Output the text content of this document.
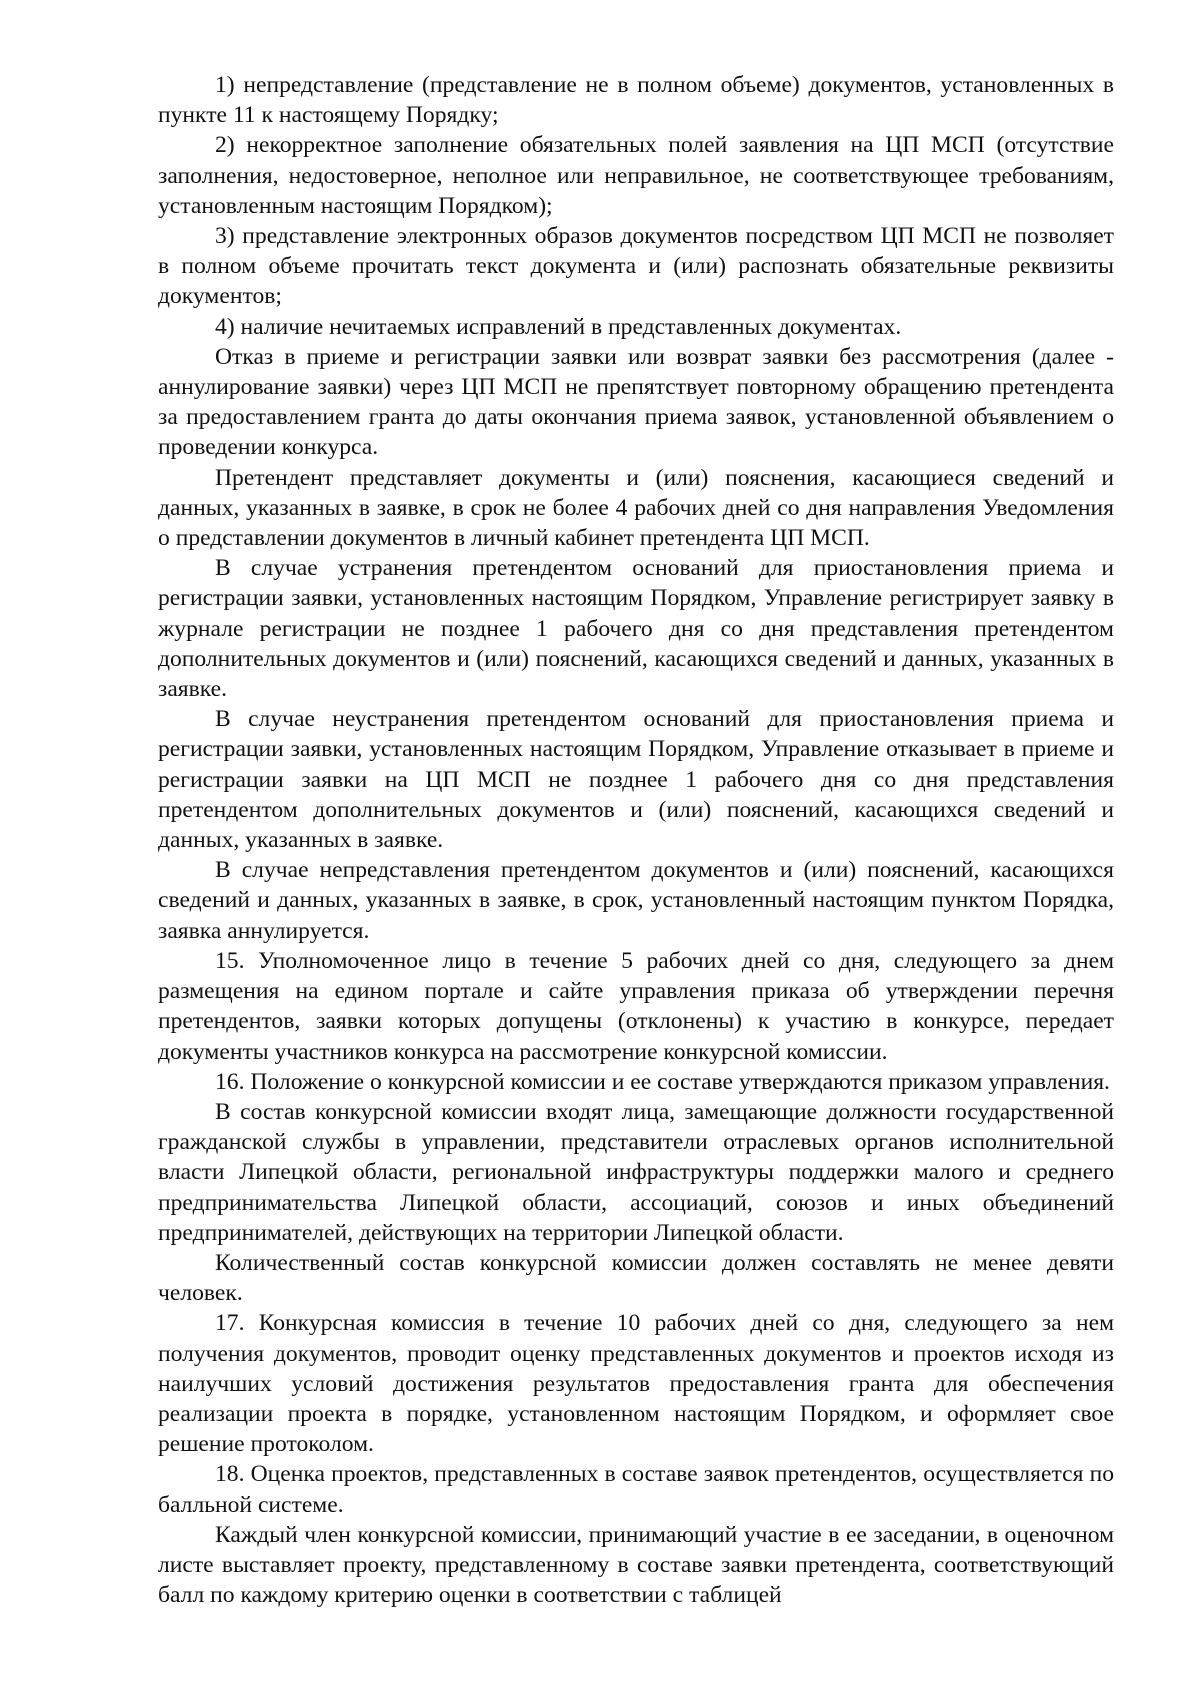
1) непредставление (представление не в полном объеме) документов, установленных в пункте 11 к настоящему Порядку;

2) некорректное заполнение обязательных полей заявления на ЦП МСП (отсутствие заполнения, недостоверное, неполное или неправильное, не соответствующее требованиям, установленным настоящим Порядком);

3) представление электронных образов документов посредством ЦП МСП не позволяет в полном объеме прочитать текст документа и (или) распознать обязательные реквизиты документов;

4) наличие нечитаемых исправлений в представленных документах.

Отказ в приеме и регистрации заявки или возврат заявки без рассмотрения (далее - аннулирование заявки) через ЦП МСП не препятствует повторному обращению претендента за предоставлением гранта до даты окончания приема заявок, установленной объявлением о проведении конкурса.

Претендент представляет документы и (или) пояснения, касающиеся сведений и данных, указанных в заявке, в срок не более 4 рабочих дней со дня направления Уведомления о представлении документов в личный кабинет претендента ЦП МСП.

В случае устранения претендентом оснований для приостановления приема и регистрации заявки, установленных настоящим Порядком, Управление регистрирует заявку в журнале регистрации не позднее 1 рабочего дня со дня представления претендентом дополнительных документов и (или) пояснений, касающихся сведений и данных, указанных в заявке.

В случае неустранения претендентом оснований для приостановления приема и регистрации заявки, установленных настоящим Порядком, Управление отказывает в приеме и регистрации заявки на ЦП МСП не позднее 1 рабочего дня со дня представления претендентом дополнительных документов и (или) пояснений, касающихся сведений и данных, указанных в заявке.

В случае непредставления претендентом документов и (или) пояснений, касающихся сведений и данных, указанных в заявке, в срок, установленный настоящим пунктом Порядка, заявка аннулируется.

15. Уполномоченное лицо в течение 5 рабочих дней со дня, следующего за днем размещения на едином портале и сайте управления приказа об утверждении перечня претендентов, заявки которых допущены (отклонены) к участию в конкурсе, передает документы участников конкурса на рассмотрение конкурсной комиссии.

16. Положение о конкурсной комиссии и ее составе утверждаются приказом управления.

В состав конкурсной комиссии входят лица, замещающие должности государственной гражданской службы в управлении, представители отраслевых органов исполнительной власти Липецкой области, региональной инфраструктуры поддержки малого и среднего предпринимательства Липецкой области, ассоциаций, союзов и иных объединений предпринимателей, действующих на территории Липецкой области.

Количественный состав конкурсной комиссии должен составлять не менее девяти человек.

17. Конкурсная комиссия в течение 10 рабочих дней со дня, следующего за нем получения документов, проводит оценку представленных документов и проектов исходя из наилучших условий достижения результатов предоставления гранта для обеспечения реализации проекта в порядке, установленном настоящим Порядком, и оформляет свое решение протоколом.

18. Оценка проектов, представленных в составе заявок претендентов, осуществляется по балльной системе.

Каждый член конкурсной комиссии, принимающий участие в ее заседании, в оценочном листе выставляет проекту, представленному в составе заявки претендента, соответствующий балл по каждому критерию оценки в соответствии с таблицей
